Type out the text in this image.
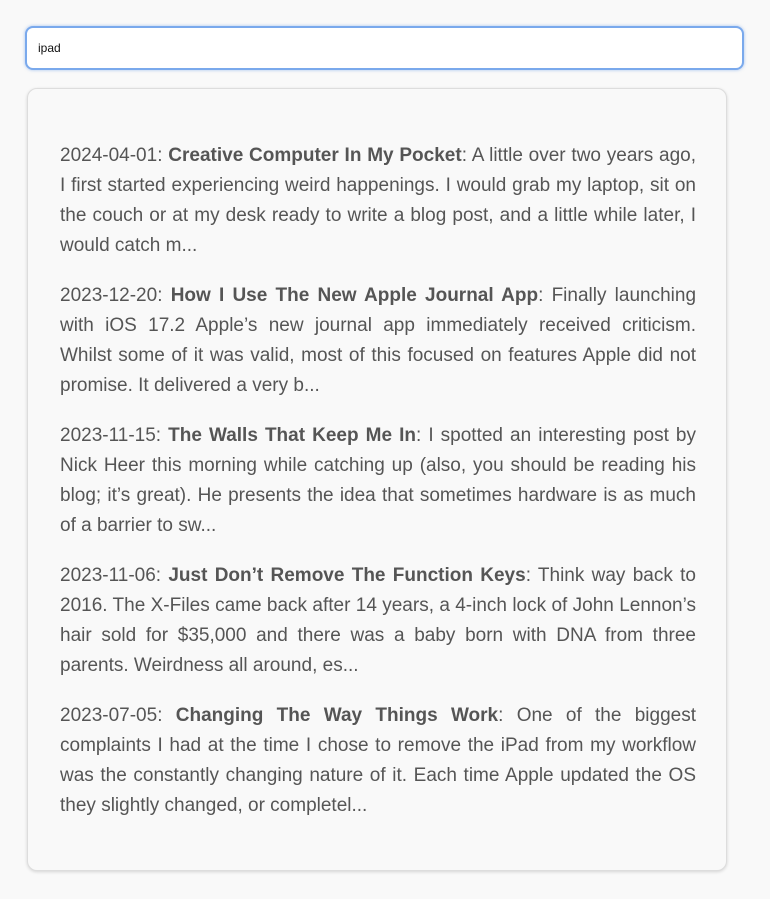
ipad
2024-04-01: Creative Computer In My Pocket: A little over two years ago, I first started experiencing weird happenings. I would grab my laptop, sit on the couch or at my desk ready to write a blog post, and a little while later, I would catch m...
2023-12-20: How I Use The New Apple Journal App: Finally launching with iOS 17.2 Apple’s new journal app immediately received criticism. Whilst some of it was valid, most of this focused on features Apple did not promise. It delivered a very b...
2023-11-15: The Walls That Keep Me In: I spotted an interesting post by Nick Heer this morning while catching up (also, you should be reading his blog; it’s great). He presents the idea that sometimes hardware is as much of a barrier to sw...
2023-11-06: Just Don’t Remove The Function Keys: Think way back to 2016. The X-Files came back after 14 years, a 4-inch lock of John Lennon’s hair sold for $35,000 and there was a baby born with DNA from three parents. Weirdness all around, es...
2023-07-05: Changing The Way Things Work: One of the biggest complaints I had at the time I chose to remove the iPad from my workflow was the constantly changing nature of it. Each time Apple updated the OS they slightly changed, or completel...
